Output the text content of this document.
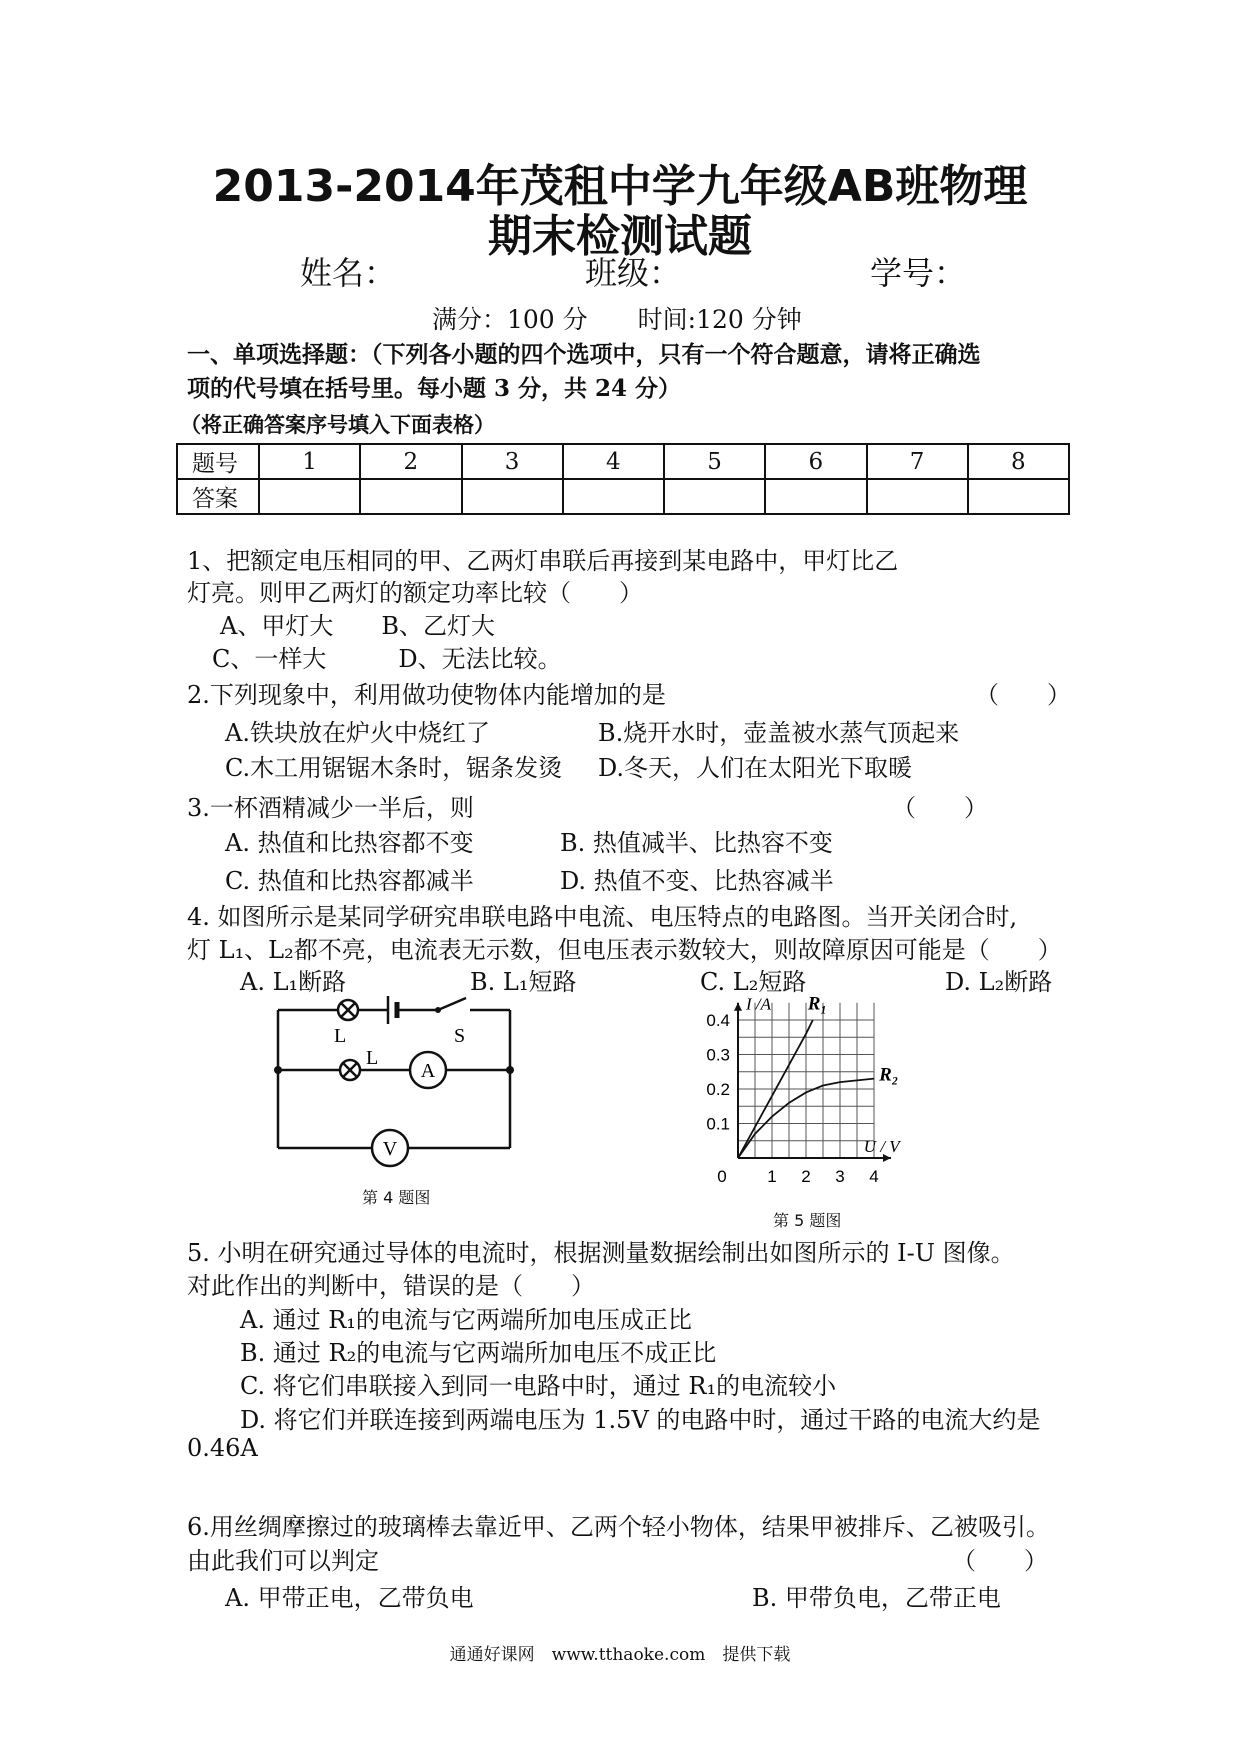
2013-2014年茂租中学九年级AB班物理
期末检测试题
姓名：	班级：	学号：
满分：100 分　　时间:120 分钟
一、单项选择题：（下列各小题的四个选项中，只有一个符合题意，请将正确选
项的代号填在括号里。每小题 3 分，共 24 分）
（将正确答案序号填入下面表格）
题号	1	2	3	4	5	6	7	8
答案								
1、把额定电压相同的甲、乙两灯串联后再接到某电路中，甲灯比乙
灯亮。则甲乙两灯的额定功率比较（　　）
A、甲灯大　　B、乙灯大
C、一样大　　　D、无法比较。
2.下列现象中，利用做功使物体内能增加的是	（　　）
A.铁块放在炉火中烧红了	B.烧开水时，壶盖被水蒸气顶起来
C.木工用锯锯木条时，锯条发烫 D.冬天，人们在太阳光下取暖
3.一杯酒精减少一半后，则	（　　）
A. 热值和比热容都不变	B. 热值减半、比热容不变
C. 热值和比热容都减半	D. 热值不变、比热容减半
4. 如图所示是某同学研究串联电路中电流、电压特点的电路图。当开关闭合时,
灯 L₁、L₂都不亮，电流表无示数，但电压表示数较大，则故障原因可能是（　　）
A. L₁断路	B. L₁短路	C. L₂短路	D. L₂断路
L
L
S
A
V
第 4 题图
0.4
0.3
0.2
0.1
0 1 2 3 4
I /A
U / V
R₁
R₂
第 5 题图
5. 小明在研究通过导体的电流时，根据测量数据绘制出如图所示的 I-U 图像。
对此作出的判断中，错误的是（　　）
A. 通过 R₁的电流与它两端所加电压成正比
B. 通过 R₂的电流与它两端所加电压不成正比
C. 将它们串联接入到同一电路中时，通过 R₁的电流较小
D. 将它们并联连接到两端电压为 1.5V 的电路中时，通过干路的电流大约是
0.46A
6.用丝绸摩擦过的玻璃棒去靠近甲、乙两个轻小物体，结果甲被排斥、乙被吸引。
由此我们可以判定	（　　）
A. 甲带正电，乙带负电	B. 甲带负电，乙带正电
通通好课网　www.tthaoke.com　提供下载
